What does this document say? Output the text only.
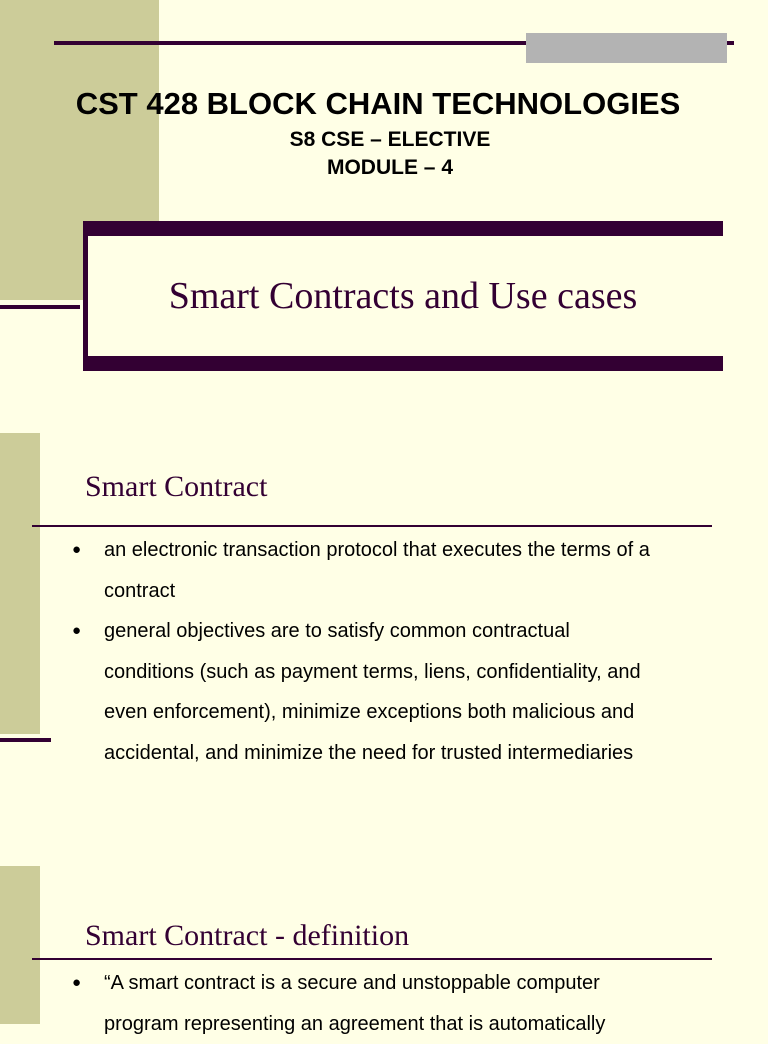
CST 428 BLOCK CHAIN TECHNOLOGIES
S8 CSE – ELECTIVE
MODULE – 4
Smart Contracts and Use cases
Smart Contract
●	an electronic transaction protocol that executes the terms of a
contract
●	general objectives are to satisfy common contractual
conditions (such as payment terms, liens, confidentiality, and
even enforcement), minimize exceptions both malicious and
accidental, and minimize the need for trusted intermediaries
Smart Contract - definition
●	“A smart contract is a secure and unstoppable computer
program representing an agreement that is automatically
